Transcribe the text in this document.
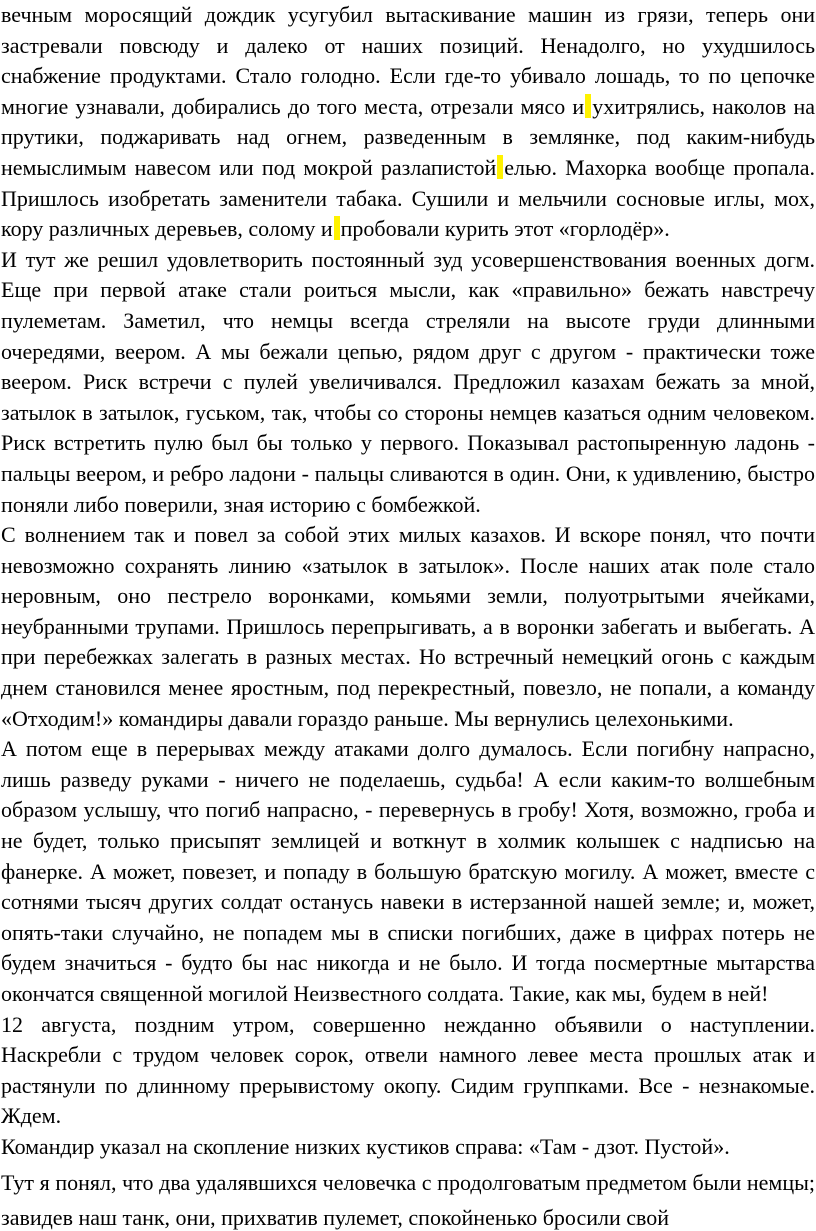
вечным моросящий дождик усугубил вытаскивание машин из грязи, теперь они застревали повсюду и далеко от наших позиций. Ненадолго, но ухудшилось снабжение продуктами. Стало голодно. Если где-то убивало лошадь, то по цепочке многие узнавали, добирались до того места, отрезали мясо и ухитрялись, наколов на прутики, поджаривать над огнем, разведенным в землянке, под каким-нибудь немыслимым навесом или под мокрой разлапистой елью. Махорка вообще пропала. Пришлось изобретать заменители табака. Сушили и мельчили сосновые иглы, мох, кору различных деревьев, солому и пробовали курить этот «горлодёр».

И тут же решил удовлетворить постоянный зуд усовершенствования военных догм. Еще при первой атаке стали роиться мысли, как «правильно» бежать навстречу пулеметам. Заметил, что немцы всегда стреляли на высоте груди длинными очередями, веером. А мы бежали цепью, рядом друг с другом - практически тоже веером. Риск встречи с пулей увеличивался. Предложил казахам бежать за мной, затылок в затылок, гуськом, так, чтобы со стороны немцев казаться одним человеком. Риск встретить пулю был бы только у первого. Показывал растопыренную ладонь - пальцы веером, и ребро ладони - пальцы сливаются в один. Они, к удивлению, быстро поняли либо поверили, зная историю с бомбежкой.

С волнением так и повел за собой этих милых казахов. И вскоре понял, что почти невозможно сохранять линию «затылок в затылок». После наших атак поле стало неровным, оно пестрело воронками, комьями земли, полуотрытыми ячейками, неубранными трупами. Пришлось перепрыгивать, а в воронки забегать и выбегать. А при перебежках залегать в разных местах. Но встречный немецкий огонь с каждым днем становился менее яростным, под перекрестный, повезло, не попали, а команду «Отходим!» командиры давали гораздо раньше. Мы вернулись целехонькими.

А потом еще в перерывах между атаками долго думалось. Если погибну напрасно, лишь разведу руками - ничего не поделаешь, судьба! А если каким-то волшебным образом услышу, что погиб напрасно, - перевернусь в гробу! Хотя, возможно, гроба и не будет, только присыпят землицей и воткнут в холмик колышек с надписью на фанерке. А может, повезет, и попаду в большую братскую могилу. А может, вместе с сотнями тысяч других солдат останусь навеки в истерзанной нашей земле; и, может, опять-таки случайно, не попадем мы в списки погибших, даже в цифрах потерь не будем значиться - будто бы нас никогда и не было. И тогда посмертные мытарства окончатся священной могилой Неизвестного солдата. Такие, как мы, будем в ней!

12 августа, поздним утром, совершенно нежданно объявили о наступлении. Наскребли с трудом человек сорок, отвели намного левее места прошлых атак и растянули по длинному прерывистому окопу. Сидим группками. Все - незнакомые. Ждем.

Командир указал на скопление низких кустиков справа: «Там - дзот. Пустой».

Тут я понял, что два удалявшихся человечка с продолговатым предметом были немцы; завидев наш танк, они, прихватив пулемет, спокойненько бросили свой
